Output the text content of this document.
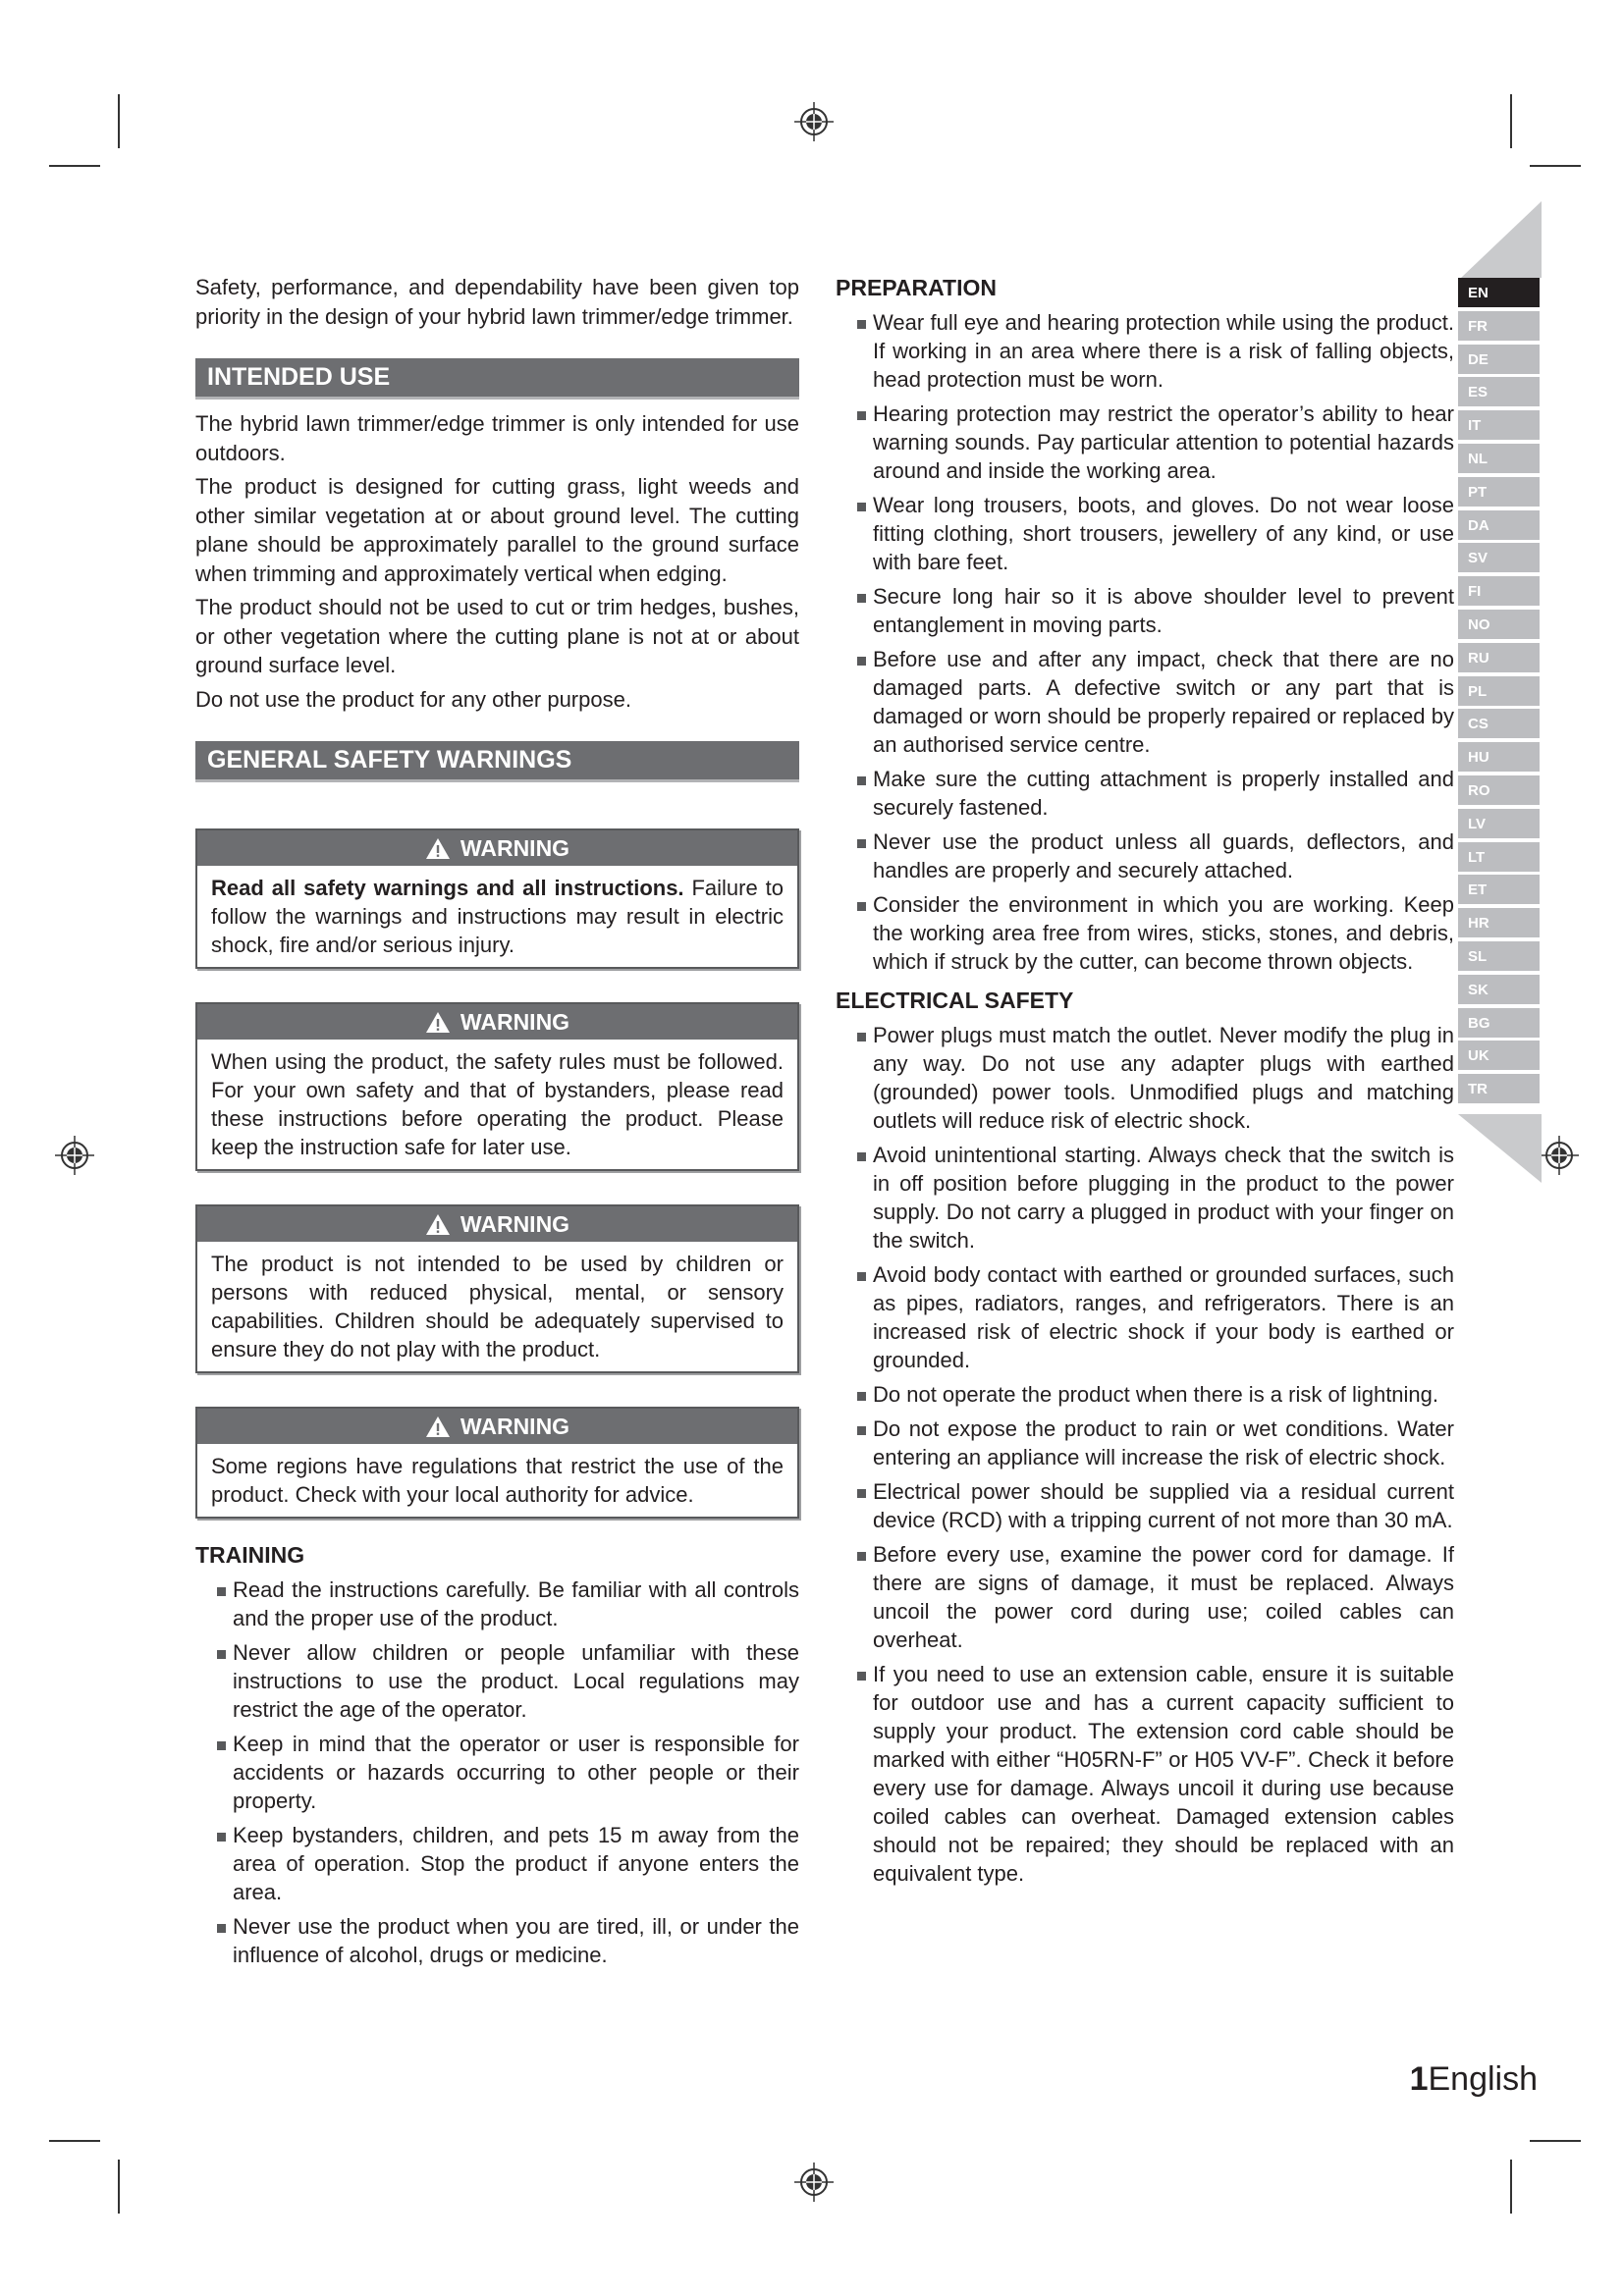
EN
FR
DE
ES
IT
NL
PT
DA
SV
FI
NO
RU
PL
CS
HU
RO
LV
LT
ET
HR
SL
SK
BG
UK
TR

Safety, performance, and dependability have been given top priority in the design of your hybrid lawn trimmer/edge trimmer.

INTENDED USE

The hybrid lawn trimmer/edge trimmer is only intended for use outdoors.

The product is designed for cutting grass, light weeds and other similar vegetation at or about ground level. The cutting plane should be approximately parallel to the ground surface when trimming and approximately vertical when edging.

The product should not be used to cut or trim hedges, bushes, or other vegetation where the cutting plane is not at or about ground surface level.

Do not use the product for any other purpose.

GENERAL SAFETY WARNINGS
WARNING
Read all safety warnings and all instructions. Failure to follow the warnings and instructions may result in electric shock, fire and/or serious injury.
WARNING
When using the product, the safety rules must be followed. For your own safety and that of bystanders, please read these instructions before operating the product. Please keep the instruction safe for later use.
WARNING
The product is not intended to be used by children or persons with reduced physical, mental, or sensory capabilities. Children should be adequately supervised to ensure they do not play with the product.
WARNING
Some regions have regulations that restrict the use of the product. Check with your local authority for advice.
TRAINING
Read the instructions carefully. Be familiar with all controls and the proper use of the product.
Never allow children or people unfamiliar with these instructions to use the product. Local regulations may restrict the age of the operator.
Keep in mind that the operator or user is responsible for accidents or hazards occurring to other people or their property.
Keep bystanders, children, and pets 15 m away from the area of operation. Stop the product if anyone enters the area.
Never use the product when you are tired, ill, or under the influence of alcohol, drugs or medicine.
PREPARATION
Wear full eye and hearing protection while using the product. If working in an area where there is a risk of falling objects, head protection must be worn.
Hearing protection may restrict the operator’s ability to hear warning sounds. Pay particular attention to potential hazards around and inside the working area.
Wear long trousers, boots, and gloves. Do not wear loose fitting clothing, short trousers, jewellery of any kind, or use with bare feet.
Secure long hair so it is above shoulder level to prevent entanglement in moving parts.
Before use and after any impact, check that there are no damaged parts. A defective switch or any part that is damaged or worn should be properly repaired or replaced by an authorised service centre.
Make sure the cutting attachment is properly installed and securely fastened.
Never use the product unless all guards, deflectors, and handles are properly and securely attached.
Consider the environment in which you are working. Keep the working area free from wires, sticks, stones, and debris, which if struck by the cutter, can become thrown objects.
ELECTRICAL SAFETY
Power plugs must match the outlet. Never modify the plug in any way. Do not use any adapter plugs with earthed (grounded) power tools. Unmodified plugs and matching outlets will reduce risk of electric shock.
Avoid unintentional starting. Always check that the switch is in off position before plugging in the product to the power supply. Do not carry a plugged in product with your finger on the switch.
Avoid body contact with earthed or grounded surfaces, such as pipes, radiators, ranges, and refrigerators. There is an increased risk of electric shock if your body is earthed or grounded.
Do not operate the product when there is a risk of lightning.
Do not expose the product to rain or wet conditions. Water entering an appliance will increase the risk of electric shock.
Electrical power should be supplied via a residual current device (RCD) with a tripping current of not more than 30 mA.
Before every use, examine the power cord for damage. If there are signs of damage, it must be replaced. Always uncoil the power cord during use; coiled cables can overheat.
If you need to use an extension cable, ensure it is suitable for outdoor use and has a current capacity sufficient to supply your product. The extension cord cable should be marked with either “H05RN-F” or H05 VV-F”. Check it before every use for damage. Always uncoil it during use because coiled cables can overheat. Damaged extension cables should not be repaired; they should be replaced with an equivalent type.
1English
